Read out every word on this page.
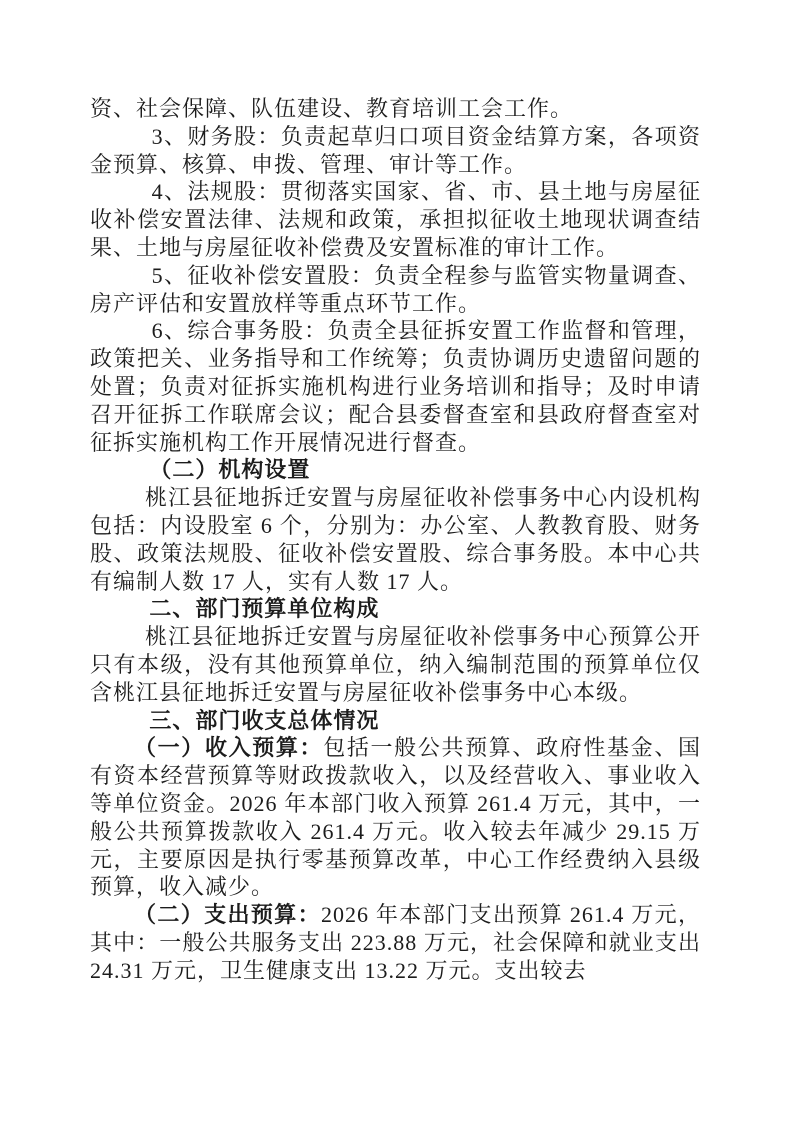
资、社会保障、队伍建设、教育培训工会工作。

3、财务股：负责起草归口项目资金结算方案，各项资金预算、核算、申拨、管理、审计等工作。

4、法规股：贯彻落实国家、省、市、县土地与房屋征收补偿安置法律、法规和政策，承担拟征收土地现状调查结果、土地与房屋征收补偿费及安置标准的审计工作。

5、征收补偿安置股：负责全程参与监管实物量调查、房产评估和安置放样等重点环节工作。

6、综合事务股：负责全县征拆安置工作监督和管理，政策把关、业务指导和工作统筹；负责协调历史遗留问题的处置；负责对征拆实施机构进行业务培训和指导；及时申请召开征拆工作联席会议；配合县委督查室和县政府督查室对征拆实施机构工作开展情况进行督查。

（二）机构设置

桃江县征地拆迁安置与房屋征收补偿事务中心内设机构包括：内设股室 6 个，分别为：办公室、人教教育股、财务股、政策法规股、征收补偿安置股、综合事务股。本中心共有编制人数 17 人，实有人数 17 人。

二、部门预算单位构成

桃江县征地拆迁安置与房屋征收补偿事务中心预算公开只有本级，没有其他预算单位，纳入编制范围的预算单位仅含桃江县征地拆迁安置与房屋征收补偿事务中心本级。

三、部门收支总体情况

（一）收入预算：包括一般公共预算、政府性基金、国有资本经营预算等财政拨款收入，以及经营收入、事业收入等单位资金。2026 年本部门收入预算 261.4 万元，其中，一般公共预算拨款收入 261.4 万元。收入较去年减少 29.15 万元，主要原因是执行零基预算改革，中心工作经费纳入县级预算，收入减少。

（二）支出预算：2026 年本部门支出预算 261.4 万元，其中：一般公共服务支出 223.88 万元，社会保障和就业支出 24.31 万元，卫生健康支出 13.22 万元。支出较去
